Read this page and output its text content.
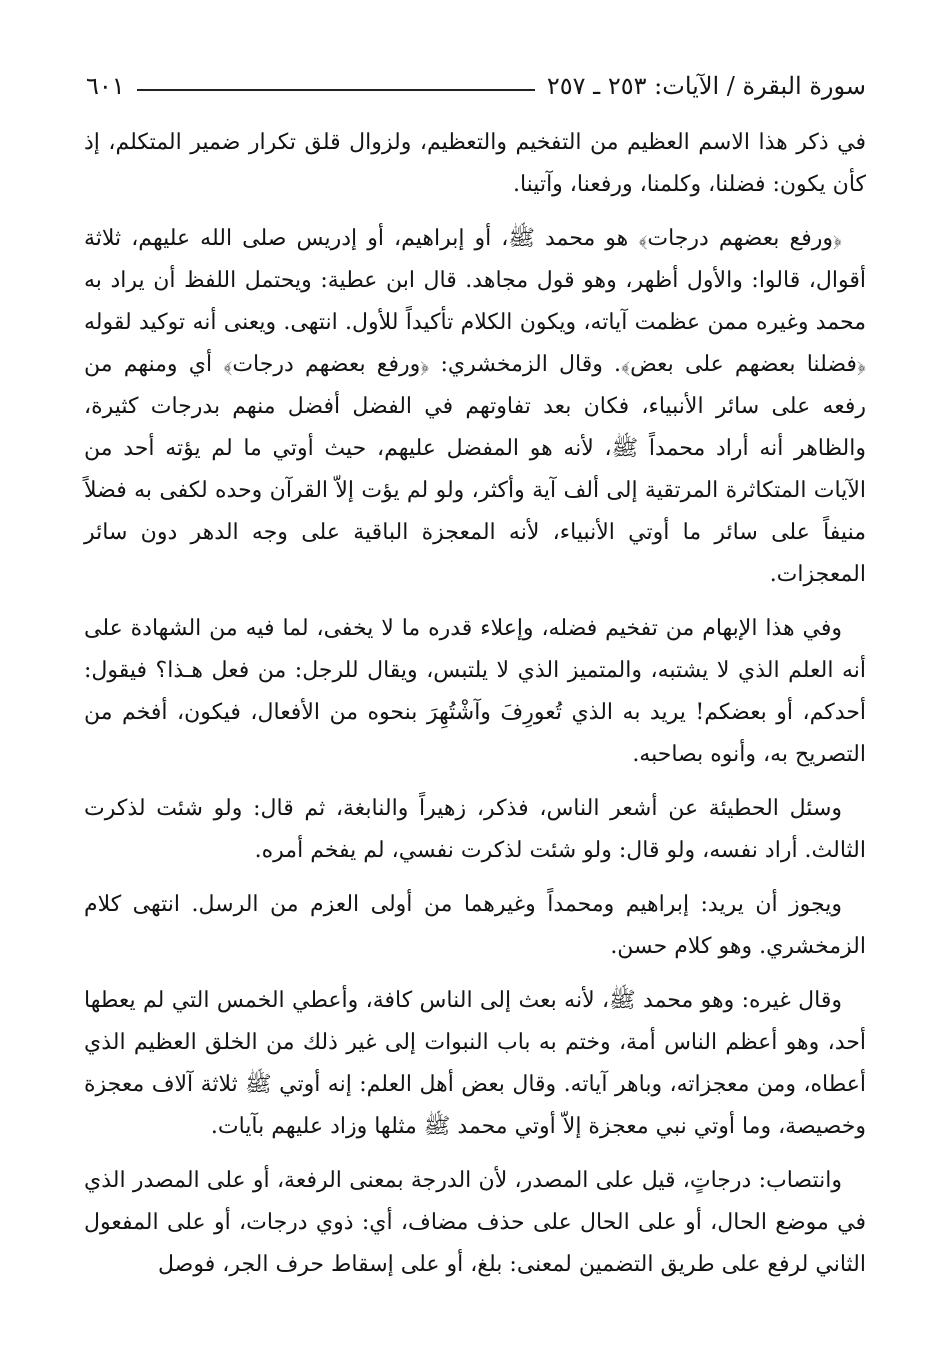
سورة البقرة / الآيات: ٢٥٣ ـ ٢٥٧
٦٠١

في ذكر هذا الاسم العظيم من التفخيم والتعظيم، ولزوال قلق تكرار ضمير المتكلم، إذ كأن يكون: فضلنا، وكلمنا، ورفعنا، وآتينا.

﴿ورفع بعضهم درجات﴾ هو محمد ﷺ، أو إبراهيم، أو إدريس صلى الله عليهم، ثلاثة أقوال، قالوا: والأول أظهر، وهو قول مجاهد. قال ابن عطية: ويحتمل اللفظ أن يراد به محمد وغيره ممن عظمت آياته، ويكون الكلام تأكيداً للأول. انتهى. ويعنى أنه توكيد لقوله ﴿فضلنا بعضهم على بعض﴾. وقال الزمخشري: ﴿ورفع بعضهم درجات﴾ أي ومنهم من رفعه على سائر الأنبياء، فكان بعد تفاوتهم في الفضل أفضل منهم بدرجات كثيرة، والظاهر أنه أراد محمداً ﷺ، لأنه هو المفضل عليهم، حيث أوتي ما لم يؤته أحد من الآيات المتكاثرة المرتقية إلى ألف آية وأكثر، ولو لم يؤت إلاّ القرآن وحده لكفى به فضلاً منيفاً على سائر ما أوتي الأنبياء، لأنه المعجزة الباقية على وجه الدهر دون سائر المعجزات.

وفي هذا الإبهام من تفخيم فضله، وإعلاء قدره ما لا يخفى، لما فيه من الشهادة على أنه العلم الذي لا يشتبه، والمتميز الذي لا يلتبس، ويقال للرجل: من فعل هـذا؟ فيقول: أحدكم، أو بعضكم! يريد به الذي تُعورِفَ وآشْتُهِرَ بنحوه من الأفعال، فيكون، أفخم من التصريح به، وأنوه بصاحبه.

وسئل الحطيئة عن أشعر الناس، فذكر، زهيراً والنابغة، ثم قال: ولو شئت لذكرت الثالث. أراد نفسه، ولو قال: ولو شئت لذكرت نفسي، لم يفخم أمره.

ويجوز أن يريد: إبراهيم ومحمداً وغيرهما من أولى العزم من الرسل. انتهى كلام الزمخشري. وهو كلام حسن.

وقال غيره: وهو محمد ﷺ، لأنه بعث إلى الناس كافة، وأعطي الخمس التي لم يعطها أحد، وهو أعظم الناس أمة، وختم به باب النبوات إلى غير ذلك من الخلق العظيم الذي أعطاه، ومن معجزاته، وباهر آياته. وقال بعض أهل العلم: إنه أوتي ﷺ ثلاثة آلاف معجزة وخصيصة، وما أوتي نبي معجزة إلاّ أوتي محمد ﷺ مثلها وزاد عليهم بآيات.

وانتصاب: درجاتٍ، قيل على المصدر، لأن الدرجة بمعنى الرفعة، أو على المصدر الذي في موضع الحال، أو على الحال على حذف مضاف، أي: ذوي درجات، أو على المفعول الثاني لرفع على طريق التضمين لمعنى: بلغ، أو على إسقاط حرف الجر، فوصل
